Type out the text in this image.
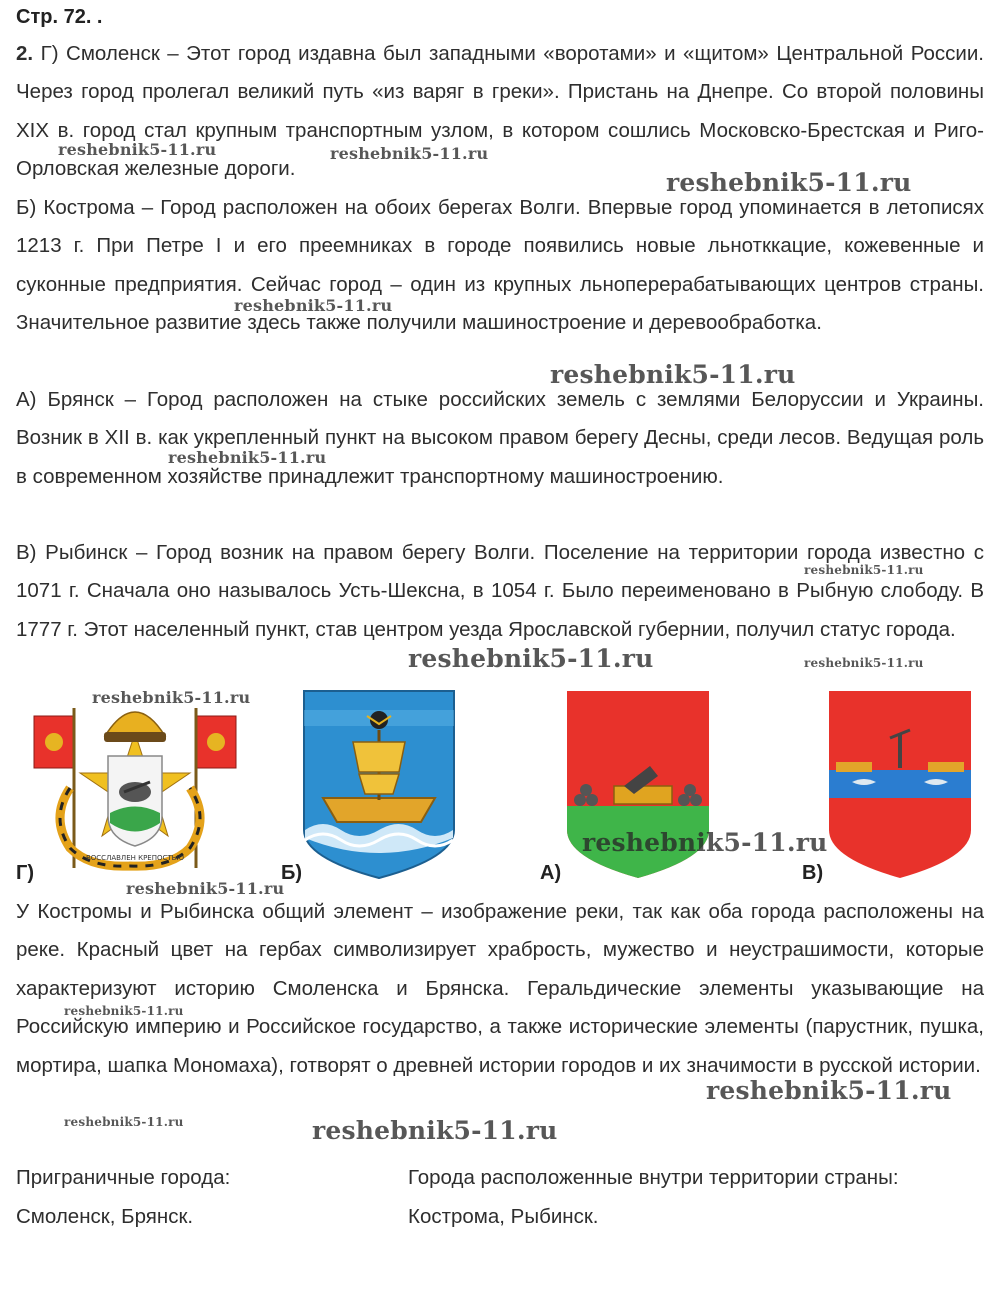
Стр. 72. .
2. Г) Смоленск – Этот город издавна был западными «воротами» и «щитом» Центральной России. Через город пролегал великий путь «из варяг в греки». Пристань на Днепре. Со второй половины XIX в. город стал крупным транспортным узлом, в котором сошлись Московско-Брестская и Риго-Орловская железные дороги.
Б) Кострома – Город расположен на обоих берегах Волги. Впервые город упоминается в летописях 1213 г. При Петре I и его преемниках в городе появились новые льнотккацие, кожевенные и суконные предприятия. Сейчас город – один из крупных льноперерабатывающих центров страны. Значительное развитие здесь также получили машиностроение и деревообработка.
А) Брянск – Город расположен на стыке российских земель с землями Белоруссии и Украины. Возник в XII в. как укрепленный пункт на высоком правом берегу Десны, среди лесов. Ведущая роль в современном хозяйстве принадлежит транспортному машиностроению.
В) Рыбинск – Город возник на правом берегу Волги. Поселение на территории города известно с 1071 г. Сначала оно называлось Усть-Шексна, в 1054 г. Было переименовано в Рыбную слободу. В 1777 г. Этот населенный пункт, став центром уезда Ярославской губернии, получил статус города.
ВОССЛАВЛЕН КРЕПОСТЬЮ
Г)	Б)	А)	В)
У Костромы и Рыбинска общий элемент – изображение реки, так как оба города расположены на реке. Красный цвет на гербах символизирует храбрость, мужество и неустрашимости, которые характеризуют историю Смоленска и Брянска. Геральдические элементы указывающие на Российскую империю и Российское государство, а также исторические элементы (парустник, пушка, мортира, шапка Мономаха), готворят о древней истории городов и их значимости в русской истории.
Приграничные города:
Смоленск, Брянск.
Города расположенные внутри территории страны:
Кострома, Рыбинск.
reshebnik5-11.ru	reshebnik5-11.ru
reshebnik5-11.ru
reshebnik5-11.ru
reshebnik5-11.ru
reshebnik5-11.ru
reshebnik5-11.ru
reshebnik5-11.ru	reshebnik5-11.ru
reshebnik5-11.ru
reshebnik5-11.ru
reshebnik5-11.ru
reshebnik5-11.ru
reshebnik5-11.ru
reshebnik5-11.ru	reshebnik5-11.ru
